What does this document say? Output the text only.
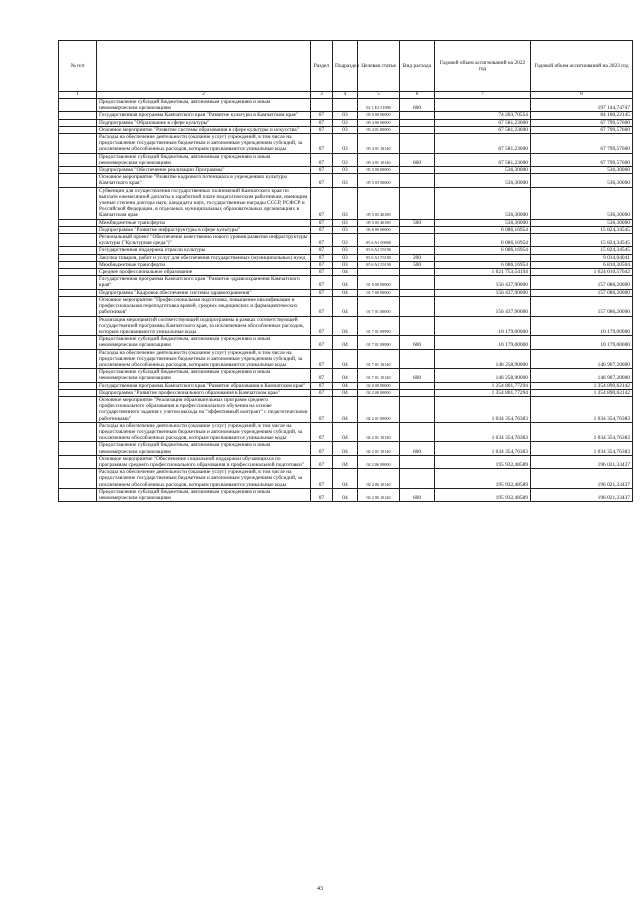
№ п/п		Раздел	Подраздел	Целевая статья	Вид расхода	Годовой объем ассигнований на 2022 год	Годовой объем ассигнований на 2023 год
1	2	3	4	5	6	7	8
	Предоставление субсидий бюджетным, автономным учреждениям и иным некоммерческим организациям			02 1 Е2 51890	600		197 144,74747
	Государственная программа Камчатского края "Развитие культуры в Камчатском крае"	07	03	05 0 00 00000		74 203,70554	84 160,22145
	Подпрограмма "Образование в сфере культуры"	07	03	05 4 00 00000		67 581,23600	67 799,57600
	Основное мероприятие "Развитие системы образования в сфере культуры и искусства"	07	03	05 4 01 00000		67 581,23600	67 799,57600
	Расходы на обеспечение деятельности (оказание услуг) учреждений, в том числе на предоставление государственным бюджетным и автономным учреждениям субсидий, за исключением обособленных расходов, которым присваиваются уникальные коды	07	03	05 4 01 10140		67 581,23600	67 799,57600
	Предоставление субсидий бюджетным, автономным учреждениям и иным некоммерческим организациям	07	03	05 4 01 10140	600	67 581,23600	67 799,57600
	Подпрограмма "Обеспечение реализации Программы"	07	03	05 5 00 00000		536,30000	536,30000
	Основное мероприятие "Развитие кадрового потенциала в учреждениях культуры Камчатского края"	07	03	05 5 03 00000		536,30000	536,30000
	Субвенции для осуществления государственных полномочий Камчатского края по выплате ежемесячной доплаты к заработной плате педагогическим работникам, имеющим ученые степени доктора наук, кандидата наук, государственные награды СССР, РСФСР и Российской Федерации, в отдельных муниципальных образовательных организациях в Камчатском крае	07	03	05 5 03 40180		536,30000	536,30000
	Межбюджетные трансферты	07	03	05 5 03 40180	500	536,30000	536,30000
	Подпрограмма "Развитие инфраструктуры в сфере культуры"	07	03	05 6 00 00000		6 086,16954	15 824,34545
	Региональный проект "Обеспечение качественно нового уровня развития инфраструктуры культуры ("Культурная среда")"	07	03	05 6 A1 00000		6 086,16954	15 824,34545
	Государственная поддержка отрасли культуры	07	03	05 6 A1 55190		6 086,16954	15 824,34545
	Закупка товаров, работ и услуг для обеспечения государственных (муниципальных) нужд	07	03	05 6 A1 55190	200		9 014,04041
	Межбюджетные трансферты	07	03	05 6 A1 55190	500	6 086,16954	6 810,30504
	Среднее профессиональное образование	07	04			1 621 753,54194	1 624 010,57042
	Государственная программа Камчатского края "Развитие здравоохранения Камчатского края"	07	04	01 0 00 00000		156 437,90000	157 086,20000
	Подпрограмма "Кадровое обеспечение системы здравоохранения"	07	04	01 7 00 00000		156 437,90000	157 086,20000
	Основное мероприятие "Профессиональная подготовка, повышение квалификации и профессиональная переподготовка врачей, средних медицинских и фармацевтических работников"	07	04	01 7 01 00000		156 437,90000	157 086,20000
	Реализация мероприятий соответствующей подпрограммы в рамках соответствующей государственной программы Камчатского края, за исключением обособленных расходов, которым присваиваются уникальные коды	07	04	01 7 01 09990		10 179,00000	10 179,00000
	Предоставление субсидий бюджетным, автономным учреждениям и иным некоммерческим организациям	07	04	01 7 01 09990	600	10 179,00000	10 179,00000
	Расходы на обеспечение деятельности (оказание услуг) учреждений, в том числе на предоставление государственным бюджетным и автономным учреждениям субсидий, за исключением обособленных расходов, которым присваиваются уникальные коды	07	04	01 7 01 10140		146 258,90000	146 907,20000
	Предоставление субсидий бюджетным, автономным учреждениям и иным некоммерческим организациям	07	04	01 7 01 10140	600	146 258,90000	146 907,20000
	Государственная программа Камчатского края "Развитие образования в Камчатском крае"	07	04	02 0 00 00000		1 354 801,77294	1 354 890,62142
	Подпрограмма "Развитие профессионального образования в Камчатском крае"	07	04	02 2 00 00000		1 354 801,77294	1 354 890,62142
	Основное мероприятие "Реализация образовательных программ среднего профессионального образования и профессионального обучения на основе государственного задания с учетом выхода на "эффективный контракт" с педагогическими работниками"	07	04	02 2 01 00000		1 034 354,76383	1 034 354,76383
	Расходы на обеспечение деятельности (оказание услуг) учреждений, в том числе на предоставление государственным бюджетным и автономным учреждениям субсидий, за исключением обособленных расходов, которым присваиваются уникальные коды	07	04	02 2 01 10140		1 034 354,76383	1 034 354,76383
	Предоставление субсидий бюджетным, автономным учреждениям и иным некоммерческим организациям	07	04	02 2 01 10140	600	1 034 354,76383	1 034 354,76383
	Основное мероприятие "Обеспечение социальной поддержки обучающихся по программам среднего профессионального образования и профессиональной подготовки"	07	04	02 2 06 00000		195 932,48589	196 021,33437
	Расходы на обеспечение деятельности (оказание услуг) учреждений, в том числе на предоставление государственным бюджетным и автономным учреждениям субсидий, за исключением обособленных расходов, которым присваиваются уникальные коды	07	04	02 2 06 10140		195 932,48589	196 021,33437
	Предоставление субсидий бюджетным, автономным учреждениям и иным некоммерческим организациям	07	04	02 2 06 10140	600	195 932,48589	196 021,33437
43
